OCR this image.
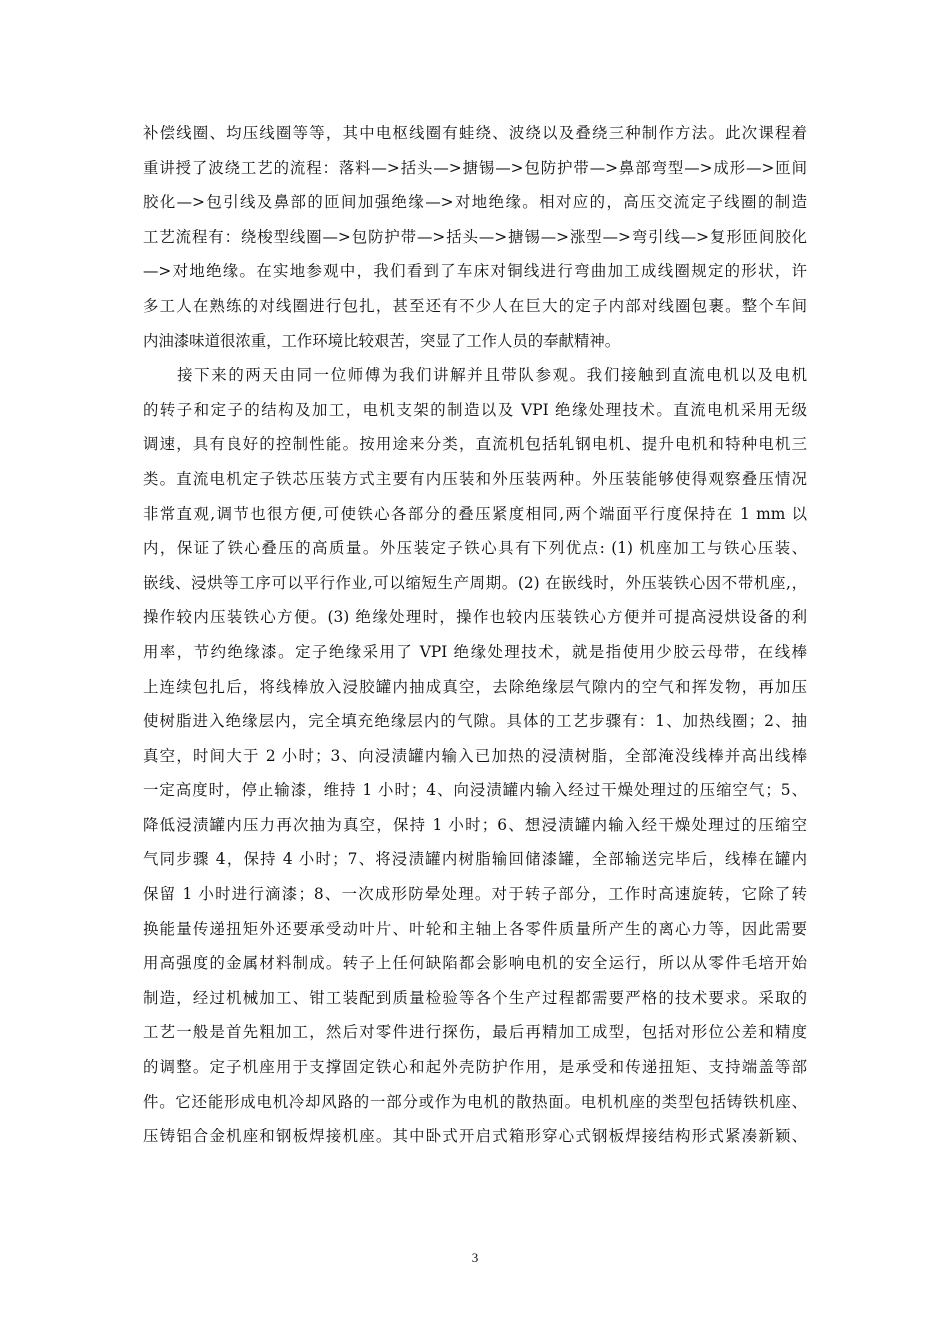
补偿线圈、均压线圈等等，其中电枢线圈有蛙绕、波绕以及叠绕三种制作方法。此次课程着
重讲授了波绕工艺的流程：落料—>括头—>搪锡—>包防护带—>鼻部弯型—>成形—>匝间
胶化—>包引线及鼻部的匝间加强绝缘—>对地绝缘。相对应的，高压交流定子线圈的制造
工艺流程有：绕梭型线圈—>包防护带—>括头—>搪锡—>涨型—>弯引线—>复形匝间胶化
—>对地绝缘。在实地参观中，我们看到了车床对铜线进行弯曲加工成线圈规定的形状，许
多工人在熟练的对线圈进行包扎，甚至还有不少人在巨大的定子内部对线圈包裹。整个车间
内油漆味道很浓重，工作环境比较艰苦，突显了工作人员的奉献精神。
　　接下来的两天由同一位师傅为我们讲解并且带队参观。我们接触到直流电机以及电机
的转子和定子的结构及加工，电机支架的制造以及 VPI 绝缘处理技术。直流电机采用无级
调速，具有良好的控制性能。按用途来分类，直流机包括轧钢电机、提升电机和特种电机三
类。直流电机定子铁芯压装方式主要有内压装和外压装两种。外压装能够使得观察叠压情况
非常直观,调节也很方便,可使铁心各部分的叠压紧度相同,两个端面平行度保持在 1 mm 以
内，保证了铁心叠压的高质量。外压装定子铁心具有下列优点: (1) 机座加工与铁心压装、
嵌线、浸烘等工序可以平行作业,可以缩短生产周期。(2) 在嵌线时，外压装铁心因不带机座,，
操作较内压装铁心方便。(3) 绝缘处理时，操作也较内压装铁心方便并可提高浸烘设备的利
用率，节约绝缘漆。定子绝缘采用了 VPI 绝缘处理技术，就是指使用少胶云母带，在线棒
上连续包扎后，将线棒放入浸胶罐内抽成真空，去除绝缘层气隙内的空气和挥发物，再加压
使树脂进入绝缘层内，完全填充绝缘层内的气隙。具体的工艺步骤有：1、加热线圈；2、抽
真空，时间大于 2 小时；3、向浸渍罐内输入已加热的浸渍树脂，全部淹没线棒并高出线棒
一定高度时，停止输漆，维持 1 小时；4、向浸渍罐内输入经过干燥处理过的压缩空气；5、
降低浸渍罐内压力再次抽为真空，保持 1 小时；6、想浸渍罐内输入经干燥处理过的压缩空
气同步骤 4，保持 4 小时；7、将浸渍罐内树脂输回储漆罐，全部输送完毕后，线棒在罐内
保留 1 小时进行滴漆；8、一次成形防晕处理。对于转子部分，工作时高速旋转，它除了转
换能量传递扭矩外还要承受动叶片、叶轮和主轴上各零件质量所产生的离心力等，因此需要
用高强度的金属材料制成。转子上任何缺陷都会影响电机的安全运行，所以从零件毛培开始
制造，经过机械加工、钳工装配到质量检验等各个生产过程都需要严格的技术要求。采取的
工艺一般是首先粗加工，然后对零件进行探伤，最后再精加工成型，包括对形位公差和精度
的调整。定子机座用于支撑固定铁心和起外壳防护作用，是承受和传递扭矩、支持端盖等部
件。它还能形成电机冷却风路的一部分或作为电机的散热面。电机机座的类型包括铸铁机座、
压铸铝合金机座和钢板焊接机座。其中卧式开启式箱形穿心式钢板焊接结构形式紧凑新颖、
3
